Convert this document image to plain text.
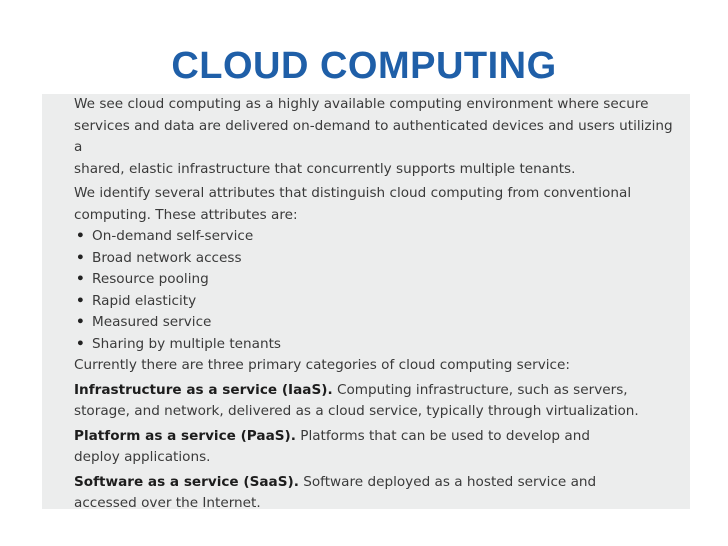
CLOUD COMPUTING
We see cloud computing as a highly available computing environment where secure
services and data are delivered on-demand to authenticated devices and users utilizing a
shared, elastic infrastructure that concurrently supports multiple tenants.
We identify several attributes that distinguish cloud computing from conventional
computing. These attributes are:
• On-demand self-service
• Broad network access
• Resource pooling
• Rapid elasticity
• Measured service
• Sharing by multiple tenants
Currently there are three primary categories of cloud computing service:
Infrastructure as a service (IaaS). Computing infrastructure, such as servers,
storage, and network, delivered as a cloud service, typically through virtualization.
Platform as a service (PaaS). Platforms that can be used to develop and
deploy applications.
Software as a service (SaaS). Software deployed as a hosted service and
accessed over the Internet.
